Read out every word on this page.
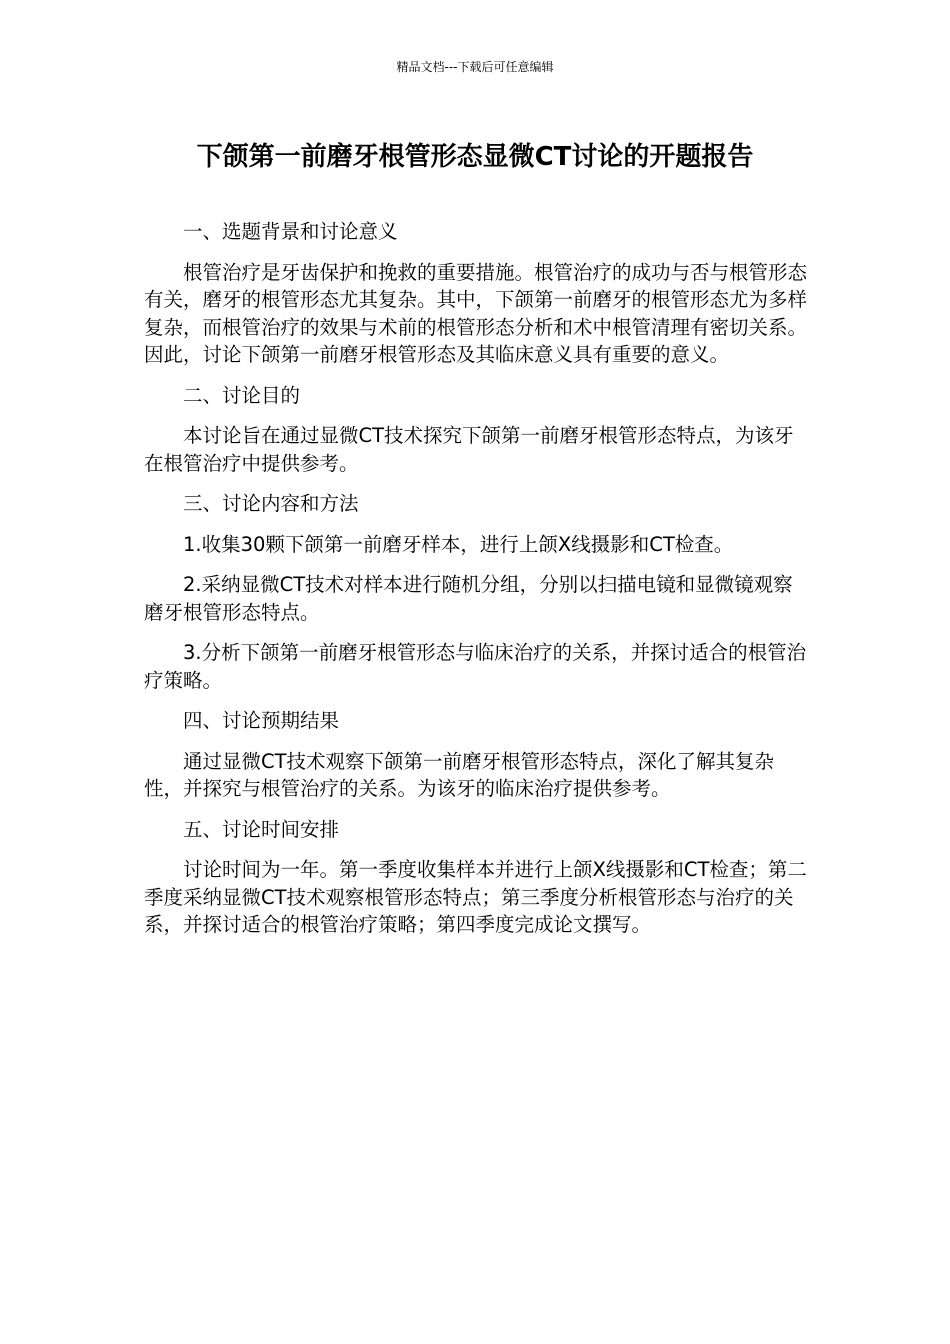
精品文档---下载后可任意编辑
下颌第一前磨牙根管形态显微CT讨论的开题报告

一、选题背景和讨论意义

根管治疗是牙齿保护和挽救的重要措施。根管治疗的成功与否与根管形态有关，磨牙的根管形态尤其复杂。其中，下颌第一前磨牙的根管形态尤为多样复杂，而根管治疗的效果与术前的根管形态分析和术中根管清理有密切关系。因此，讨论下颌第一前磨牙根管形态及其临床意义具有重要的意义。

二、讨论目的

本讨论旨在通过显微CT技术探究下颌第一前磨牙根管形态特点，为该牙在根管治疗中提供参考。

三、讨论内容和方法

1.收集30颗下颌第一前磨牙样本，进行上颌X线摄影和CT检查。

2.采纳显微CT技术对样本进行随机分组，分别以扫描电镜和显微镜观察磨牙根管形态特点。

3.分析下颌第一前磨牙根管形态与临床治疗的关系，并探讨适合的根管治疗策略。

四、讨论预期结果

通过显微CT技术观察下颌第一前磨牙根管形态特点，深化了解其复杂性，并探究与根管治疗的关系。为该牙的临床治疗提供参考。

五、讨论时间安排

讨论时间为一年。第一季度收集样本并进行上颌X线摄影和CT检查；第二季度采纳显微CT技术观察根管形态特点；第三季度分析根管形态与治疗的关系，并探讨适合的根管治疗策略；第四季度完成论文撰写。
